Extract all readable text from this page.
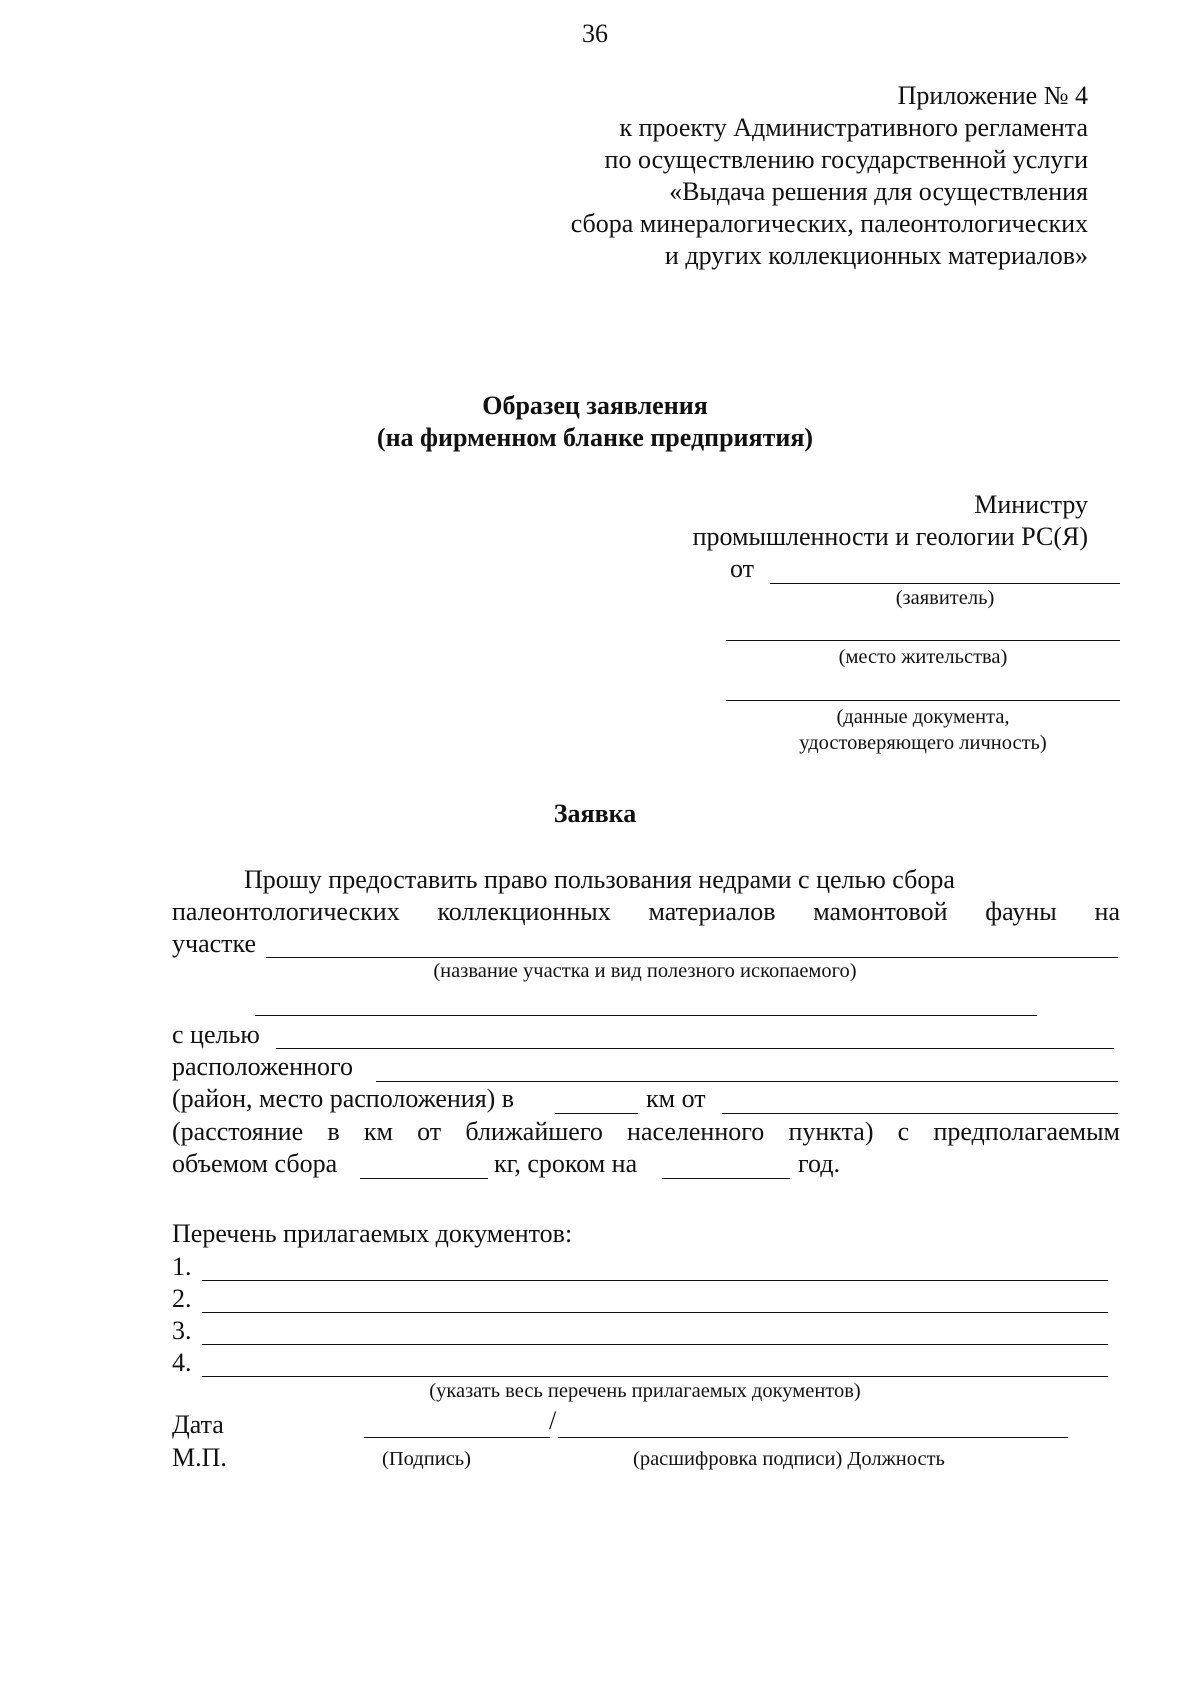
36
Приложение № 4
к проекту Административного регламента
по осуществлению государственной услуги
«Выдача решения для осуществления
сбора минералогических, палеонтологических
и других коллекционных материалов»
Образец заявления
(на фирменном бланке предприятия)
Министру
промышленности и геологии РС(Я)
от
(заявитель)
(место жительства)
(данные документа,
удостоверяющего личность)
Заявка
Прошу предоставить право пользования недрами с целью сбора
палеонтологических коллекционных материалов мамонтовой фауны на
участке
(название участка и вид полезного ископаемого)
с целью
расположенного
(район, место расположения) в	км от
(расстояние в км от ближайшего населенного пункта) с предполагаемым
объемом сбора	кг, сроком на	год.
Перечень прилагаемых документов:
1.
2.
3.
4.
(указать весь перечень прилагаемых документов)
Дата	/
М.П.	(Подпись)	(расшифровка подписи) Должность
